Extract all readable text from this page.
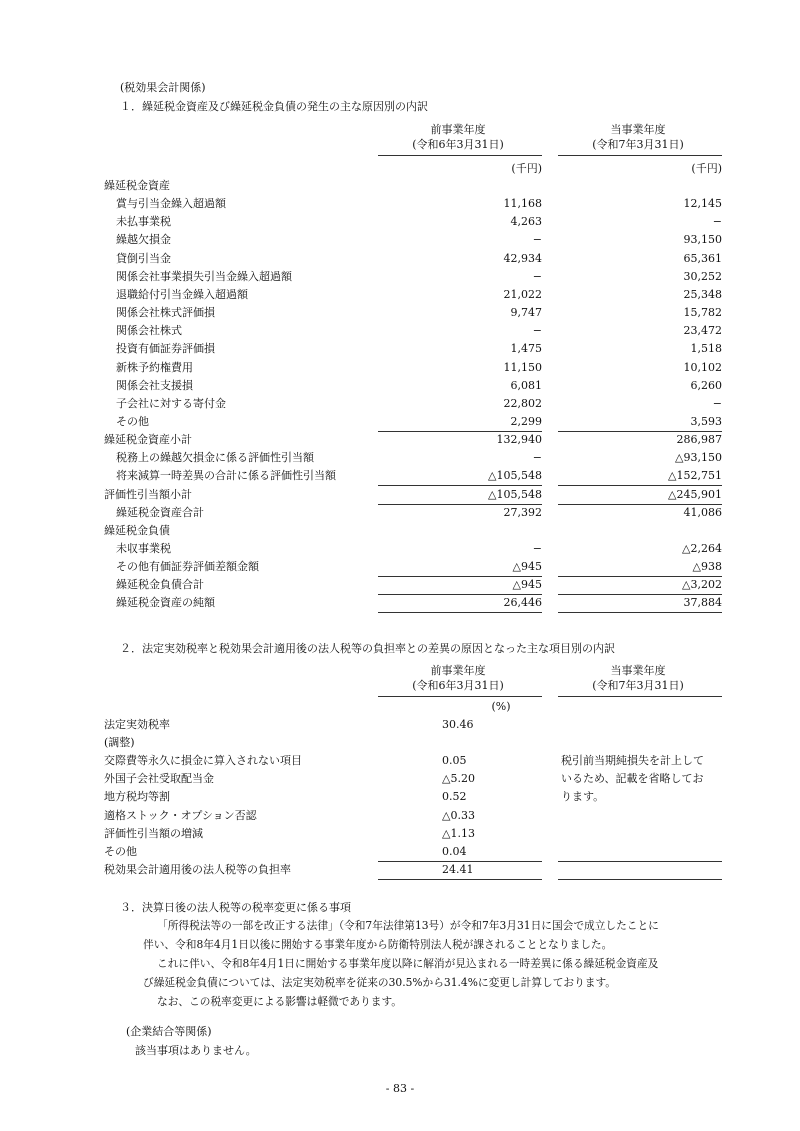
(税効果会計関係)
１．繰延税金資産及び繰延税金負債の発生の主な原因別の内訳
前事業年度
(令和6年3月31日)
当事業年度
(令和7年3月31日)
(千円)	(千円)
繰延税金資産
賞与引当金繰入超過額	11,168	12,145
未払事業税	4,263	−
繰越欠損金	−	93,150
貸倒引当金	42,934	65,361
関係会社事業損失引当金繰入超過額	−	30,252
退職給付引当金繰入超過額	21,022	25,348
関係会社株式評価損	9,747	15,782
関係会社株式	−	23,472
投資有価証券評価損	1,475	1,518
新株予約権費用	11,150	10,102
関係会社支援損	6,081	6,260
子会社に対する寄付金	22,802	−
その他	2,299	3,593
繰延税金資産小計	132,940	286,987
税務上の繰越欠損金に係る評価性引当額	−	△93,150
将来減算一時差異の合計に係る評価性引当額	△105,548	△152,751
評価性引当額小計	△105,548	△245,901
繰延税金資産合計	27,392	41,086
繰延税金負債
未収事業税	−	△2,264
その他有価証券評価差額金額	△945	△938
繰延税金負債合計	△945	△3,202
繰延税金資産の純額	26,446	37,884
２．法定実効税率と税効果会計適用後の法人税等の負担率との差異の原因となった主な項目別の内訳
前事業年度
(令和6年3月31日)
当事業年度
(令和7年3月31日)
(%)
法定実効税率	30.46
(調整)
交際費等永久に損金に算入されない項目	0.05
外国子会社受取配当金	△5.20
地方税均等割	0.52
適格ストック・オプション否認	△0.33
評価性引当額の増減	△1.13
その他	0.04
税効果会計適用後の法人税等の負担率	24.41
税引前当期純損失を計上して
いるため、記載を省略してお
ります。
３．決算日後の法人税等の税率変更に係る事項
「所得税法等の一部を改正する法律」（令和7年法律第13号）が令和7年3月31日に国会で成立したことに
伴い、令和8年4月1日以後に開始する事業年度から防衛特別法人税が課されることとなりました。
これに伴い、令和8年4月1日に開始する事業年度以降に解消が見込まれる一時差異に係る繰延税金資産及
び繰延税金負債については、法定実効税率を従来の30.5%から31.4%に変更し計算しております。
なお、この税率変更による影響は軽微であります。
(企業結合等関係)
該当事項はありません。
- 83 -
